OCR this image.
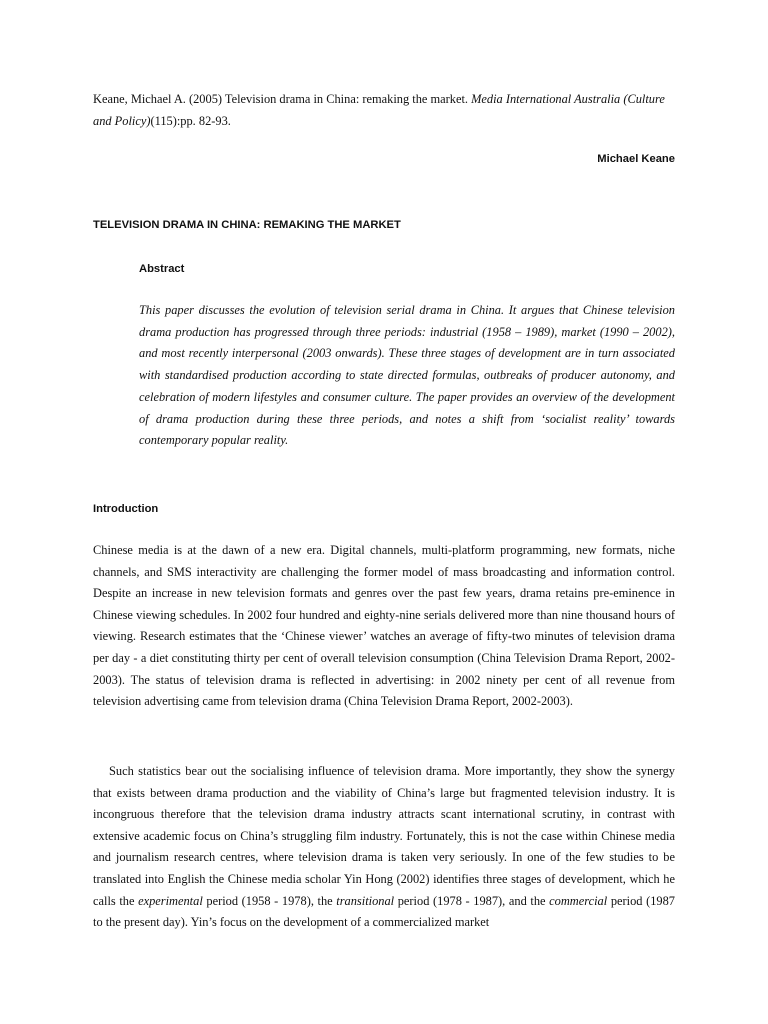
Keane, Michael A. (2005) Television drama in China: remaking the market. Media International Australia (Culture and Policy)(115):pp. 82-93.
Michael Keane
TELEVISION DRAMA IN CHINA: REMAKING THE MARKET
Abstract

This paper discusses the evolution of television serial drama in China. It argues that Chinese television drama production has progressed through three periods: industrial (1958 – 1989), market (1990 – 2002), and most recently interpersonal (2003 onwards). These three stages of development are in turn associated with standardised production according to state directed formulas, outbreaks of producer autonomy, and celebration of modern lifestyles and consumer culture. The paper provides an overview of the development of drama production during these three periods, and notes a shift from ‘socialist reality’ towards contemporary popular reality.

Introduction

Chinese media is at the dawn of a new era. Digital channels, multi-platform programming, new formats, niche channels, and SMS interactivity are challenging the former model of mass broadcasting and information control. Despite an increase in new television formats and genres over the past few years, drama retains pre-eminence in Chinese viewing schedules. In 2002 four hundred and eighty-nine serials delivered more than nine thousand hours of viewing. Research estimates that the ‘Chinese viewer’ watches an average of fifty-two minutes of television drama per day - a diet constituting thirty per cent of overall television consumption (China Television Drama Report, 2002-2003). The status of television drama is reflected in advertising: in 2002 ninety per cent of all revenue from television advertising came from television drama (China Television Drama Report, 2002-2003).

Such statistics bear out the socialising influence of television drama. More importantly, they show the synergy that exists between drama production and the viability of China’s large but fragmented television industry. It is incongruous therefore that the television drama industry attracts scant international scrutiny, in contrast with extensive academic focus on China’s struggling film industry. Fortunately, this is not the case within Chinese media and journalism research centres, where television drama is taken very seriously. In one of the few studies to be translated into English the Chinese media scholar Yin Hong (2002) identifies three stages of development, which he calls the experimental period (1958 - 1978), the transitional period (1978 - 1987), and the commercial period (1987 to the present day). Yin’s focus on the development of a commercialized market
